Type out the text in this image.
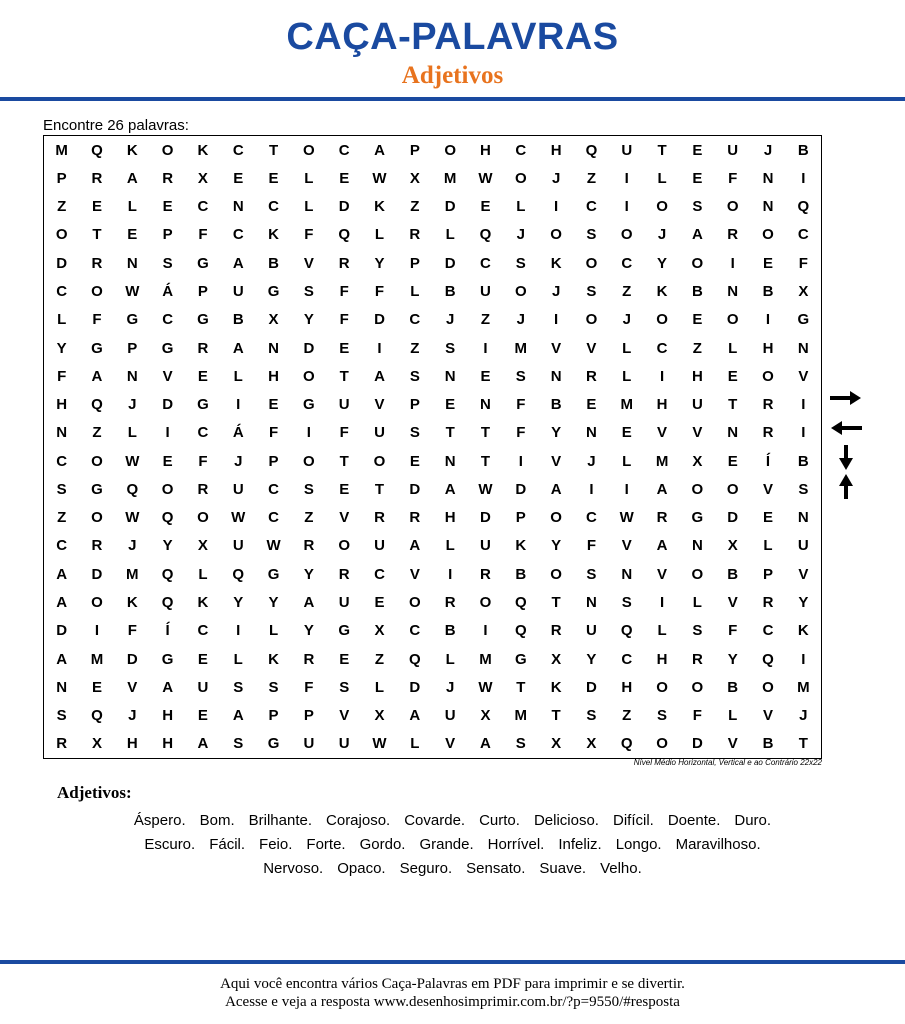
CAÇA-PALAVRAS
Adjetivos
Encontre 26 palavras:
M	Q	K	O	K	C	T	O	C	A	P	O	H	C	H	Q	U	T	E	U	J	B
P	R	A	R	X	E	E	L	E	W	X	M	W	O	J	Z	I	L	E	F	N	I
Z	E	L	E	C	N	C	L	D	K	Z	D	E	L	I	C	I	O	S	O	N	Q
O	T	E	P	F	C	K	F	Q	L	R	L	Q	J	O	S	O	J	A	R	O	C
D	R	N	S	G	A	B	V	R	Y	P	D	C	S	K	O	C	Y	O	I	E	F
C	O	W	Á	P	U	G	S	F	F	L	B	U	O	J	S	Z	K	B	N	B	X
L	F	G	C	G	B	X	Y	F	D	C	J	Z	J	I	O	J	O	E	O	I	G
Y	G	P	G	R	A	N	D	E	I	Z	S	I	M	V	V	L	C	Z	L	H	N
F	A	N	V	E	L	H	O	T	A	S	N	E	S	N	R	L	I	H	E	O	V
H	Q	J	D	G	I	E	G	U	V	P	E	N	F	B	E	M	H	U	T	R	I
N	Z	L	I	C	Á	F	I	F	U	S	T	T	F	Y	N	E	V	V	N	R	I
C	O	W	E	F	J	P	O	T	O	E	N	T	I	V	J	L	M	X	E	Í	B
S	G	Q	O	R	U	C	S	E	T	D	A	W	D	A	I	I	A	O	O	V	S
Z	O	W	Q	O	W	C	Z	V	R	R	H	D	P	O	C	W	R	G	D	E	N
C	R	J	Y	X	U	W	R	O	U	A	L	U	K	Y	F	V	A	N	X	L	U
A	D	M	Q	L	Q	G	Y	R	C	V	I	R	B	O	S	N	V	O	B	P	V
A	O	K	Q	K	Y	Y	A	U	E	O	R	O	Q	T	N	S	I	L	V	R	Y
D	I	F	Í	C	I	L	Y	G	X	C	B	I	Q	R	U	Q	L	S	F	C	K
A	M	D	G	E	L	K	R	E	Z	Q	L	M	G	X	Y	C	H	R	Y	Q	I
N	E	V	A	U	S	S	F	S	L	D	J	W	T	K	D	H	O	O	B	O	M
S	Q	J	H	E	A	P	P	V	X	A	U	X	M	T	S	Z	S	F	L	V	J
R	X	H	H	A	S	G	U	U	W	L	V	A	S	X	X	Q	O	D	V	B	T
Nível Médio Horizontal, Vertical e ao Contrário 22x22
Adjetivos:
Áspero. Bom. Brilhante. Corajoso. Covarde. Curto. Delicioso. Difícil. Doente. Duro.
Escuro. Fácil. Feio. Forte. Gordo. Grande. Horrível. Infeliz. Longo. Maravilhoso.
Nervoso. Opaco. Seguro. Sensato. Suave. Velho.
Aqui você encontra vários Caça-Palavras em PDF para imprimir e se divertir.
Acesse e veja a resposta www.desenhosimprimir.com.br/?p=9550/#resposta
